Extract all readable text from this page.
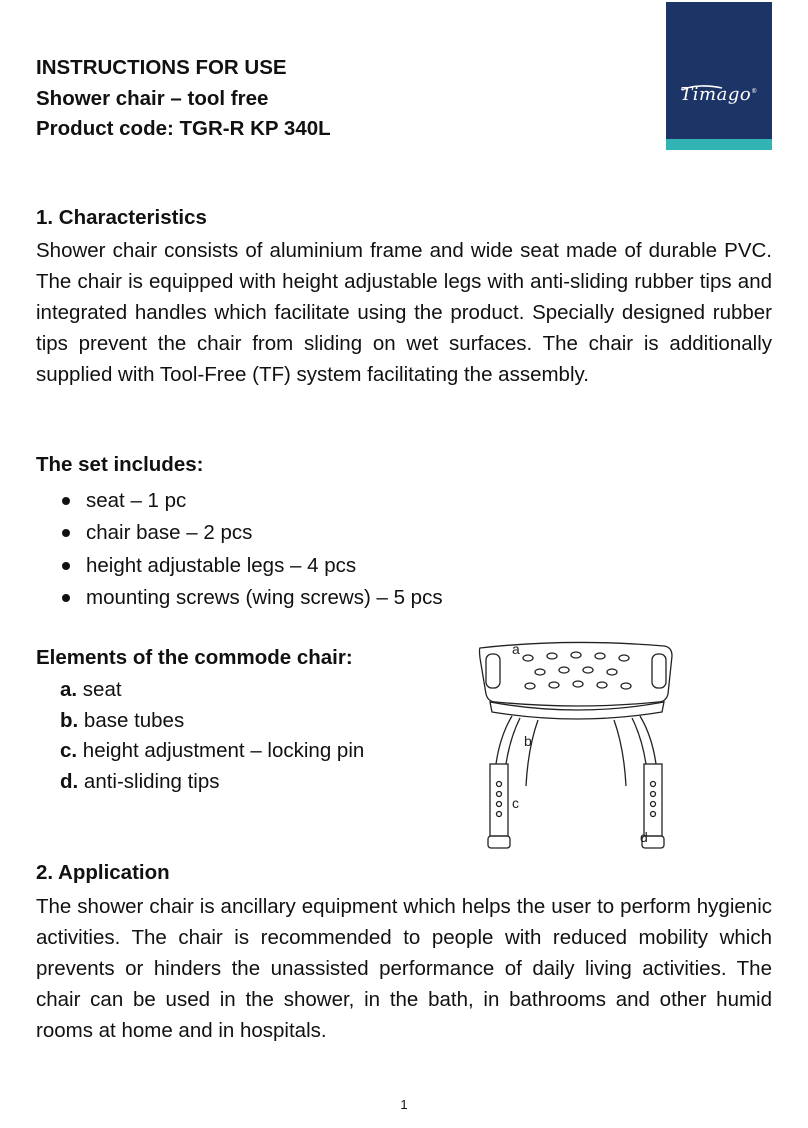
INSTRUCTIONS FOR USE
Shower chair – tool free
Product code: TGR-R KP 340L
Timago®
1. Characteristics

Shower chair consists of aluminium frame and wide seat made of durable PVC. The chair is equipped with height adjustable legs with anti-sliding rubber tips and integrated handles which facilitate using the product. Specially designed rubber tips prevent the chair from sliding on wet surfaces. The chair is additionally supplied with Tool-Free (TF) system facilitating the assembly.

The set includes:
seat – 1 pc
chair base – 2 pcs
height adjustable legs – 4 pcs
mounting screws (wing screws) – 5 pcs
Elements of the commode chair:
a. seat
b. base tubes
c. height adjustment – locking pin
d. anti-sliding tips
a
b
c
d
2. Application

The shower chair is ancillary equipment which helps the user to perform hygienic activities. The chair is recommended to people with reduced mobility which prevents or hinders the unassisted performance of daily living activities. The chair can be used in the shower, in the bath, in bathrooms and other humid rooms at home and in hospitals.

1
